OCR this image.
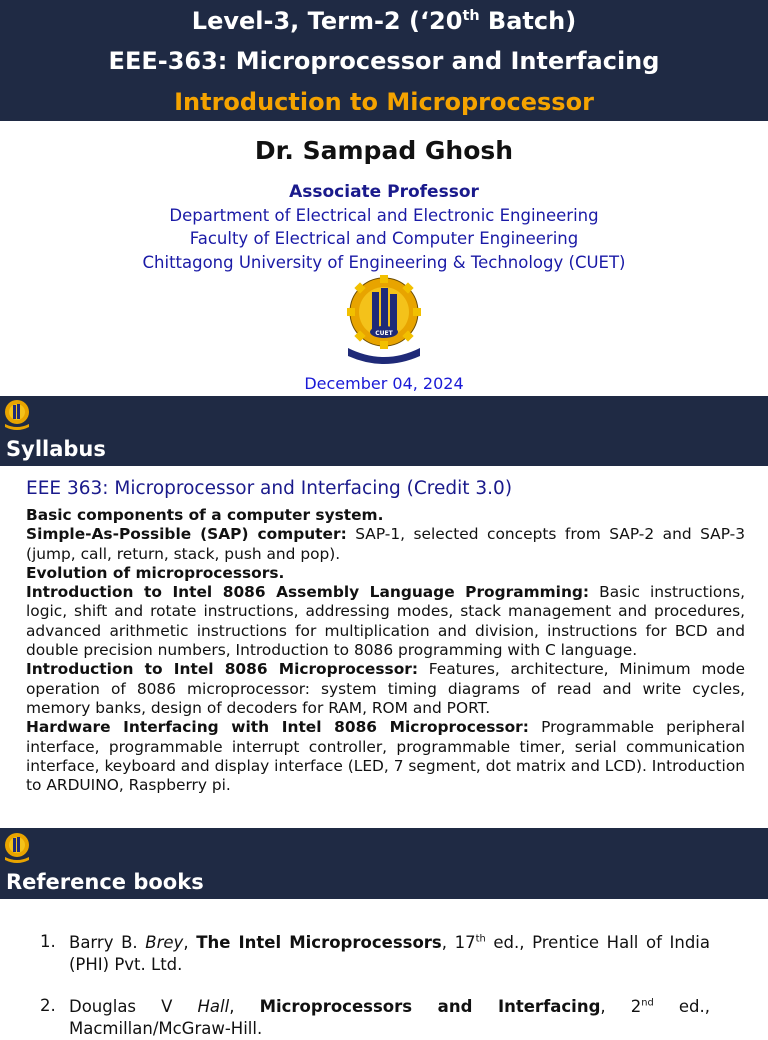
Level-3, Term-2 (‘20th Batch)
EEE-363: Microprocessor and Interfacing
Introduction to Microprocessor
Dr. Sampad Ghosh
Associate Professor
Department of Electrical and Electronic Engineering
Faculty of Electrical and Computer Engineering
Chittagong University of Engineering & Technology (CUET)
CUET
December 04, 2024
Syllabus
EEE 363: Microprocessor and Interfacing (Credit 3.0)

Basic components of a computer system.

Simple-As-Possible (SAP) computer: SAP-1, selected concepts from SAP-2 and SAP-3 (jump, call, return, stack, push and pop).

Evolution of microprocessors.

Introduction to Intel 8086 Assembly Language Programming: Basic instructions, logic, shift and rotate instructions, addressing modes, stack management and procedures, advanced arithmetic instructions for multiplication and division, instructions for BCD and double precision numbers, Introduction to 8086 programming with C language.

Introduction to Intel 8086 Microprocessor: Features, architecture, Minimum mode operation of 8086 microprocessor: system timing diagrams of read and write cycles, memory banks, design of decoders for RAM, ROM and PORT.

Hardware Interfacing with Intel 8086 Microprocessor: Programmable peripheral interface, programmable interrupt controller, programmable timer, serial communication interface, keyboard and display interface (LED, 7 segment, dot matrix and LCD). Introduction to ARDUINO, Raspberry pi.

Reference books
1. Barry B. Brey, The Intel Microprocessors, 17th ed., Prentice Hall of India (PHI) Pvt. Ltd.
2. Douglas V Hall, Microprocessors and Interfacing, 2nd ed., Macmillan/McGraw-Hill.
